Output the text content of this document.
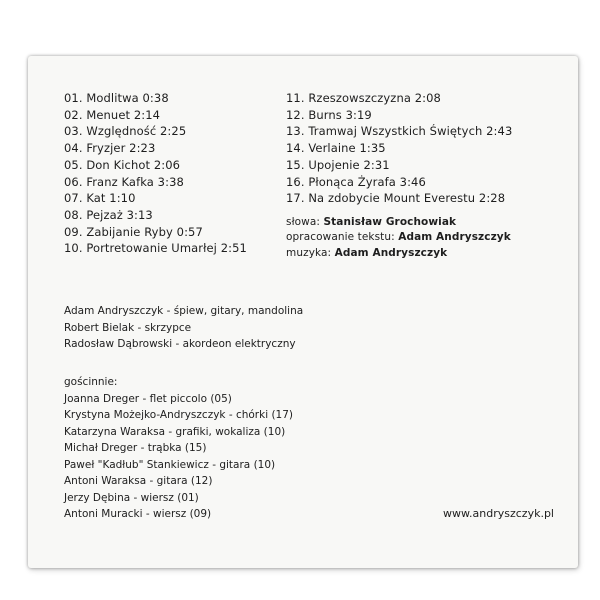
01. Modlitwa 0:38
02. Menuet 2:14
03. Względność 2:25
04. Fryzjer 2:23
05. Don Kichot 2:06
06. Franz Kafka 3:38
07. Kat 1:10
08. Pejzaż 3:13
09. Zabijanie Ryby 0:57
10. Portretowanie Umarłej 2:51
11. Rzeszowszczyzna 2:08
12. Burns 3:19
13. Tramwaj Wszystkich Świętych 2:43
14. Verlaine 1:35
15. Upojenie 2:31
16. Płonąca Żyrafa 3:46
17. Na zdobycie Mount Everestu 2:28
słowa: Stanisław Grochowiak
opracowanie tekstu: Adam Andryszczyk
muzyka: Adam Andryszczyk
Adam Andryszczyk - śpiew, gitary, mandolina
Robert Bielak - skrzypce
Radosław Dąbrowski - akordeon elektryczny
gościnnie:
Joanna Dreger - flet piccolo (05)
Krystyna Możejko-Andryszczyk - chórki (17)
Katarzyna Waraksa - grafiki, wokaliza (10)
Michał Dreger - trąbka (15)
Paweł "Kadłub" Stankiewicz - gitara (10)
Antoni Waraksa - gitara (12)
Jerzy Dębina - wiersz (01)
Antoni Muracki - wiersz (09)	www.andryszczyk.pl
